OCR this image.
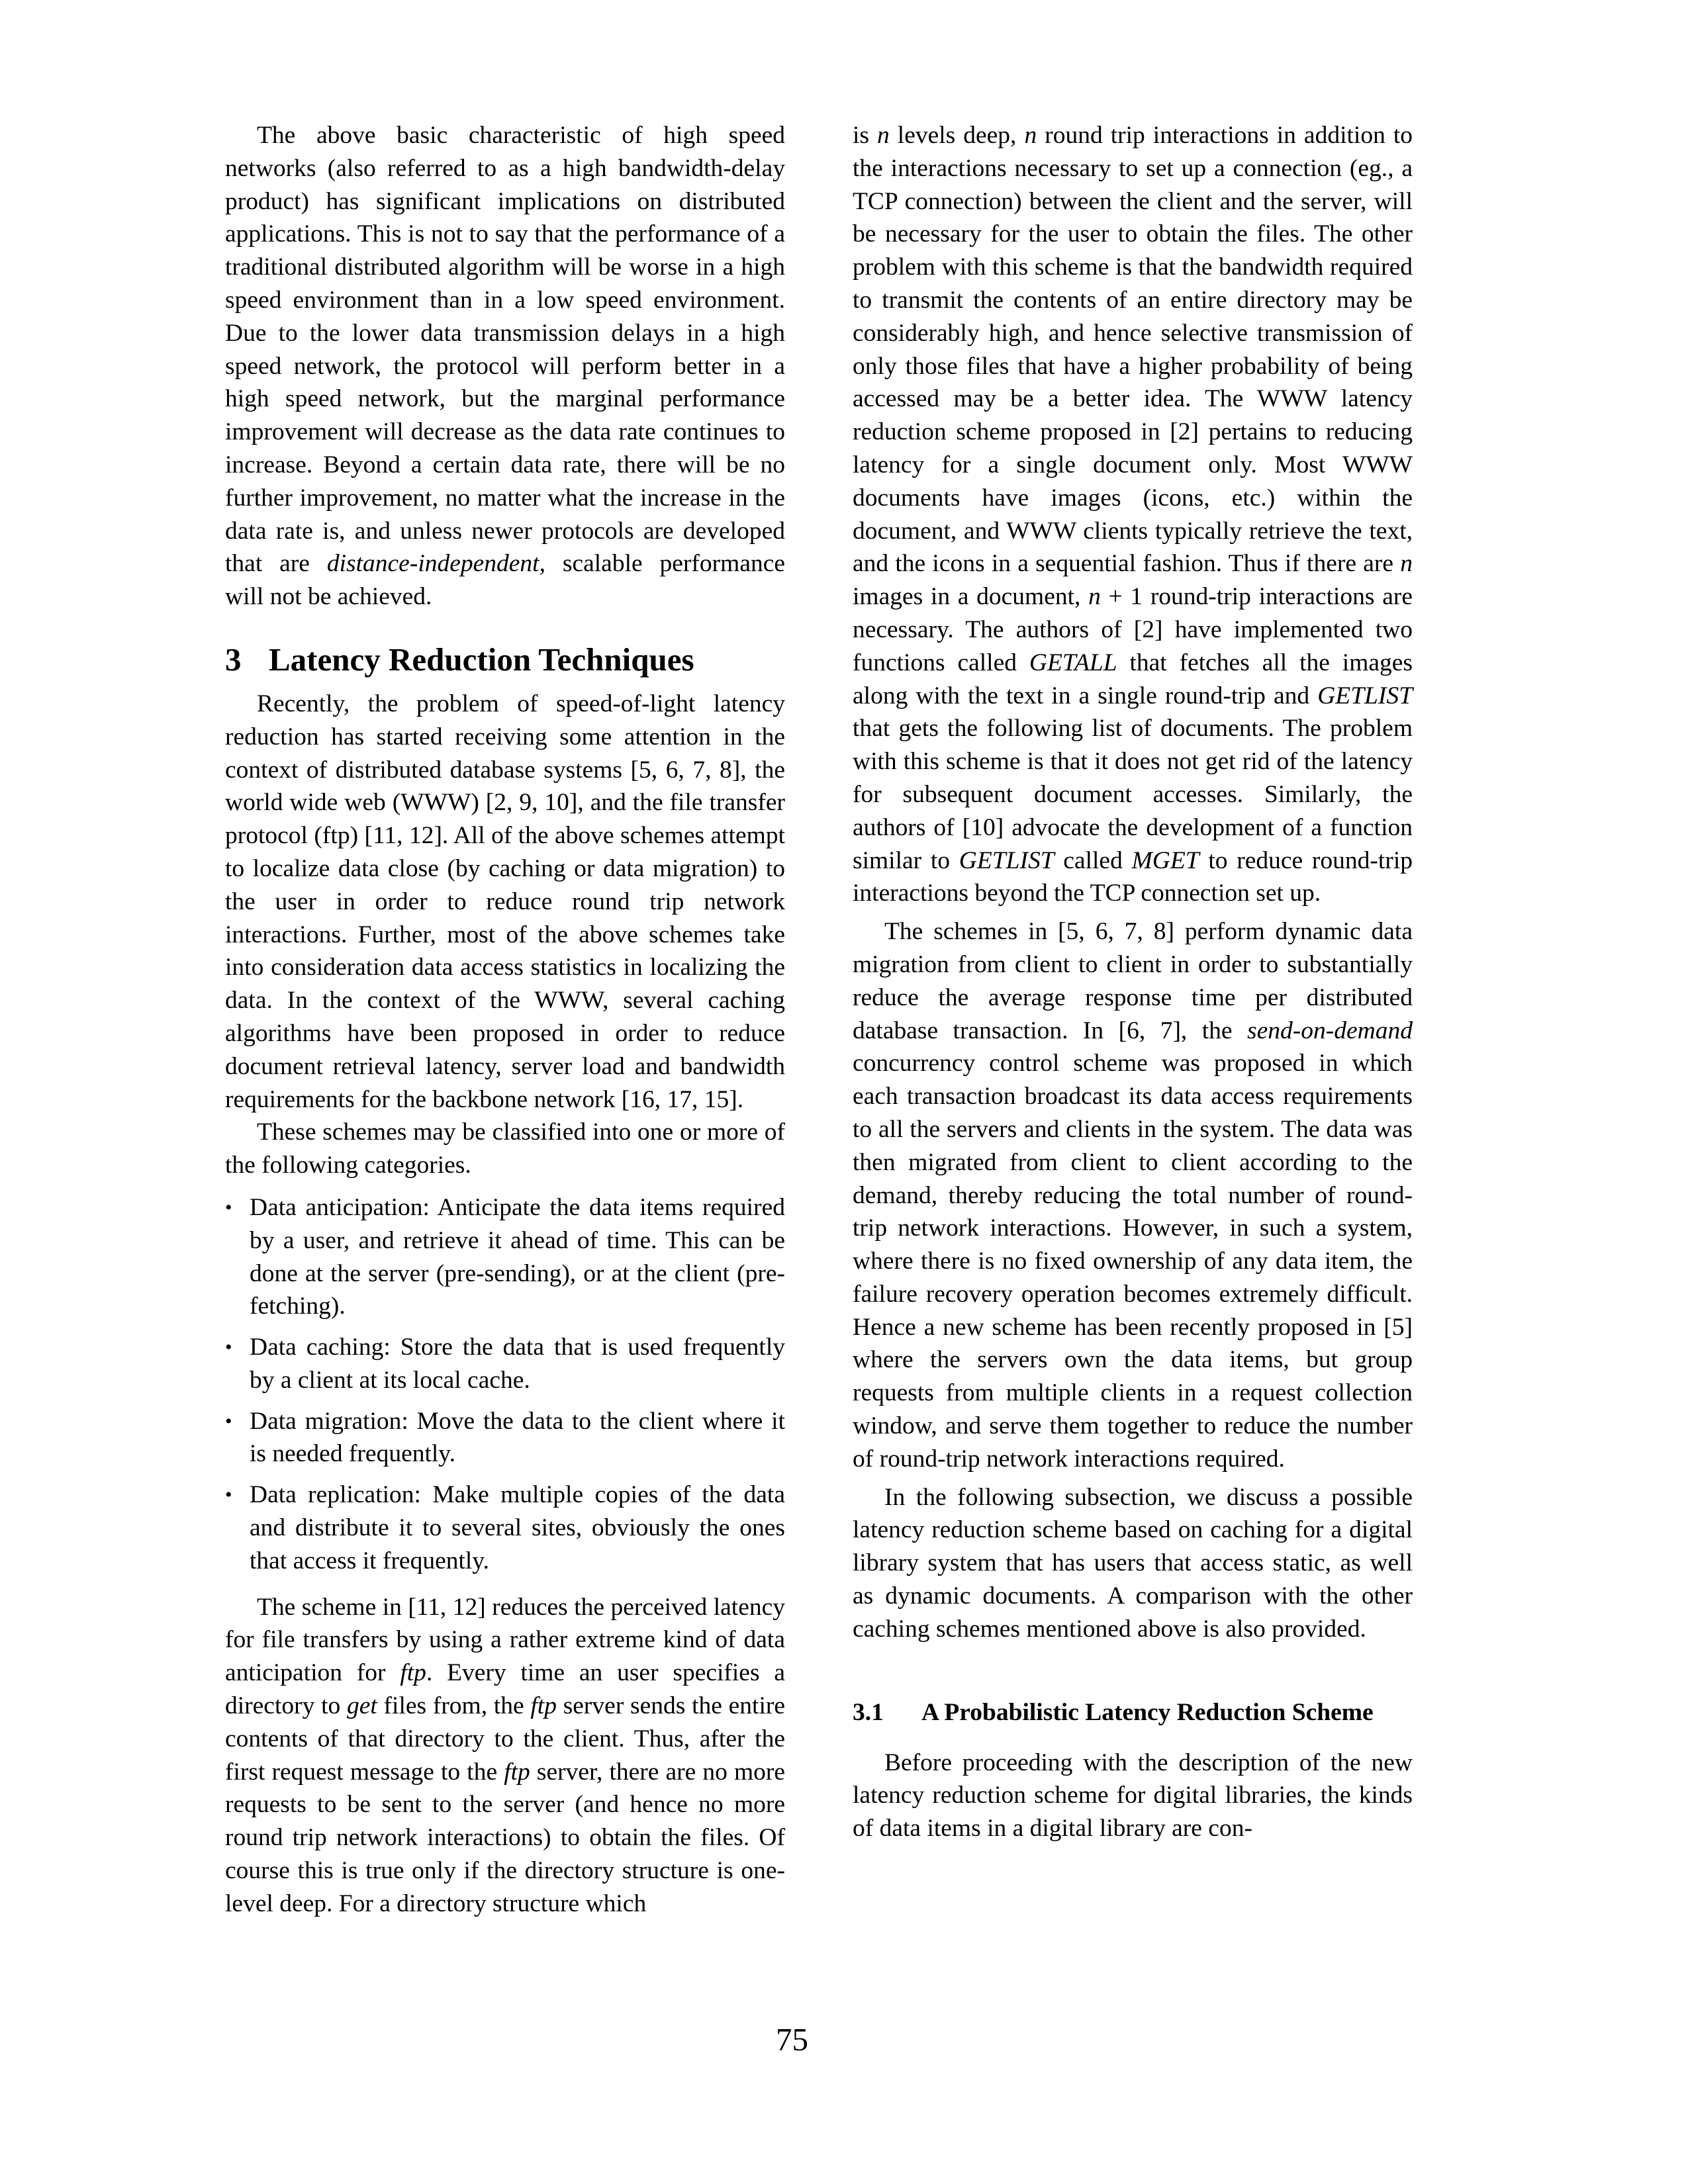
The above basic characteristic of high speed networks (also referred to as a high bandwidth-delay product) has significant implications on distributed applications. This is not to say that the performance of a traditional distributed algorithm will be worse in a high speed environment than in a low speed environment. Due to the lower data transmission delays in a high speed network, the protocol will perform better in a high speed network, but the marginal performance improvement will decrease as the data rate continues to increase. Beyond a certain data rate, there will be no further improvement, no matter what the increase in the data rate is, and unless newer protocols are developed that are distance-independent, scalable performance will not be achieved.

3 Latency Reduction Techniques

Recently, the problem of speed-of-light latency reduction has started receiving some attention in the context of distributed database systems [5, 6, 7, 8], the world wide web (WWW) [2, 9, 10], and the file transfer protocol (ftp) [11, 12]. All of the above schemes attempt to localize data close (by caching or data migration) to the user in order to reduce round trip network interactions. Further, most of the above schemes take into consideration data access statistics in localizing the data. In the context of the WWW, several caching algorithms have been proposed in order to reduce document retrieval latency, server load and bandwidth requirements for the backbone network [16, 17, 15].

These schemes may be classified into one or more of the following categories.

• Data anticipation: Anticipate the data items required by a user, and retrieve it ahead of time. This can be done at the server (pre-sending), or at the client (pre-fetching).

• Data caching: Store the data that is used frequently by a client at its local cache.

• Data migration: Move the data to the client where it is needed frequently.

• Data replication: Make multiple copies of the data and distribute it to several sites, obviously the ones that access it frequently.

The scheme in [11, 12] reduces the perceived latency for file transfers by using a rather extreme kind of data anticipation for ftp. Every time an user specifies a directory to get files from, the ftp server sends the entire contents of that directory to the client. Thus, after the first request message to the ftp server, there are no more requests to be sent to the server (and hence no more round trip network interactions) to obtain the files. Of course this is true only if the directory structure is one-level deep. For a directory structure which

is n levels deep, n round trip interactions in addition to the interactions necessary to set up a connection (eg., a TCP connection) between the client and the server, will be necessary for the user to obtain the files. The other problem with this scheme is that the bandwidth required to transmit the contents of an entire directory may be considerably high, and hence selective transmission of only those files that have a higher probability of being accessed may be a better idea. The WWW latency reduction scheme proposed in [2] pertains to reducing latency for a single document only. Most WWW documents have images (icons, etc.) within the document, and WWW clients typically retrieve the text, and the icons in a sequential fashion. Thus if there are n images in a document, n + 1 round-trip interactions are necessary. The authors of [2] have implemented two functions called GETALL that fetches all the images along with the text in a single round-trip and GETLIST that gets the following list of documents. The problem with this scheme is that it does not get rid of the latency for subsequent document accesses. Similarly, the authors of [10] advocate the development of a function similar to GETLIST called MGET to reduce round-trip interactions beyond the TCP connection set up.

The schemes in [5, 6, 7, 8] perform dynamic data migration from client to client in order to substantially reduce the average response time per distributed database transaction. In [6, 7], the send-on-demand concurrency control scheme was proposed in which each transaction broadcast its data access requirements to all the servers and clients in the system. The data was then migrated from client to client according to the demand, thereby reducing the total number of round-trip network interactions. However, in such a system, where there is no fixed ownership of any data item, the failure recovery operation becomes extremely difficult. Hence a new scheme has been recently proposed in [5] where the servers own the data items, but group requests from multiple clients in a request collection window, and serve them together to reduce the number of round-trip network interactions required.

In the following subsection, we discuss a possible latency reduction scheme based on caching for a digital library system that has users that access static, as well as dynamic documents. A comparison with the other caching schemes mentioned above is also provided.

3.1	A Probabilistic Latency Reduction Scheme

Before proceeding with the description of the new latency reduction scheme for digital libraries, the kinds of data items in a digital library are con-

75
